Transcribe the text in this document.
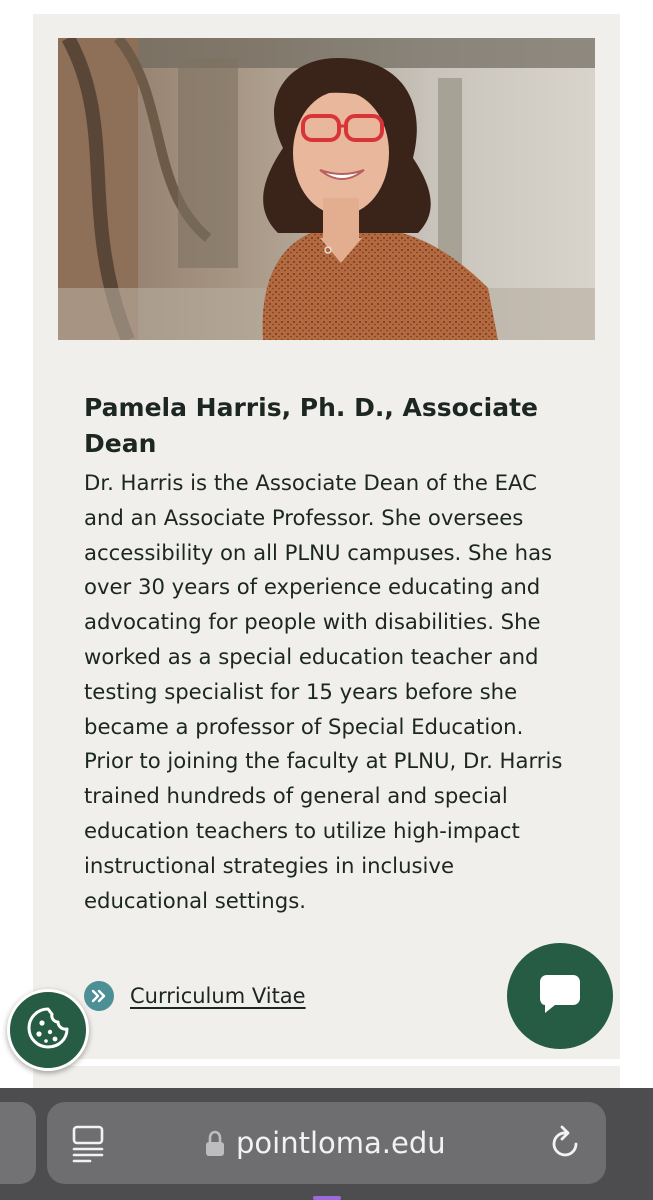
Pamela Harris, Ph. D., Associate Dean

Dr. Harris is the Associate Dean of the EAC and an Associate Professor. She oversees accessibility on all PLNU campuses. She has over 30 years of experience educating and advocating for people with disabilities. She worked as a special education teacher and testing specialist for 15 years before she became a professor of Special Education. Prior to joining the faculty at PLNU, Dr. Harris trained hundreds of general and special education teachers to utilize high-impact instructional strategies in inclusive educational settings.

Curriculum Vitae
pointloma.edu
